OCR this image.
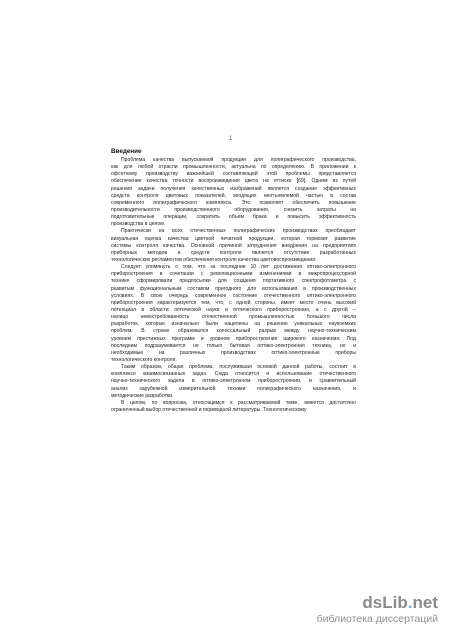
1
Введение
Проблема качества выпускаемой продукции для полиграфического производства,
как для любой отрасли промышленности, актуальна по определению. В приложении к
офсетному производству важнейшей составляющей этой проблемы представляется
обеспечение качества точности воспроизведения цвета на оттиске [69]. Одним из путей
решения задачи получения качественных изображений является создание эффективных
средств контроля цветовых показателей, входящих неотъемлемой частью в состав
современного полиграфического комплекса. Это позволяет обеспечить повышение
производительности производственного оборудования, снизить затраты на
подготовительные операции, сократить объем брака и повысить эффективность
производства в целом.
Практически на всех отечественных полиграфических производствах преобладает
визуальная оценка качества цветной печатной продукции, которая тормозит развитие
системы контроля качества. Основной причиной затруднения внедрения на предприятиях
приборных методов и средств контроля является отсутствие разработанных
технологических регламентов обеспечения контроля качества цветовоспроизведения.
Следует упомянуть о том, что за последние 10 лет достижения оптико-электронного
приборостроения в сочетании с революционными изменениями в микропроцессорной
технике сформировали предпосылки для создания портативного спектрофотометра с
развитым функциональным составом пригодного для использования в производственных
условиях. В свою очередь современное состояние отечественного оптико-электронного
приборостроения характеризуется тем, что, с одной стороны, имеет место очень высокий
потенциал в области оптической науки и оптического приборостроения, а с другой –
налицо невостребованность отечественной промышленностью большого числа
разработок, которые изначально были нацелены на решение уникальных наукоемких
проблем. В стране образовался колоссальный разрыв между научно-техническим
уровнем престижных программ и уровнем приборостроения широкого назначения. Под
последним подразумевается не только бытовая оптико-электронная техника, но и
необходимые на различных производствах оптико-электронные приборы
технологического контроля.
Таким образом, общая проблема, послужившая основой данной работы, состоит в
комплексе взаимосвязанных задач. Сюда относится и использование отечественного
научно-технического задела в оптико-электронном приборостроении, и сравнительный
анализ зарубежной измерительной техники полиграфического назначения, и
методические разработки.
В целом, по вопросам, относящимся к рассматриваемой теме, имеется достаточно
ограниченный выбор отечественной и переводной литературы. Технологическому
dsLib.net
библиотека диссертаций
